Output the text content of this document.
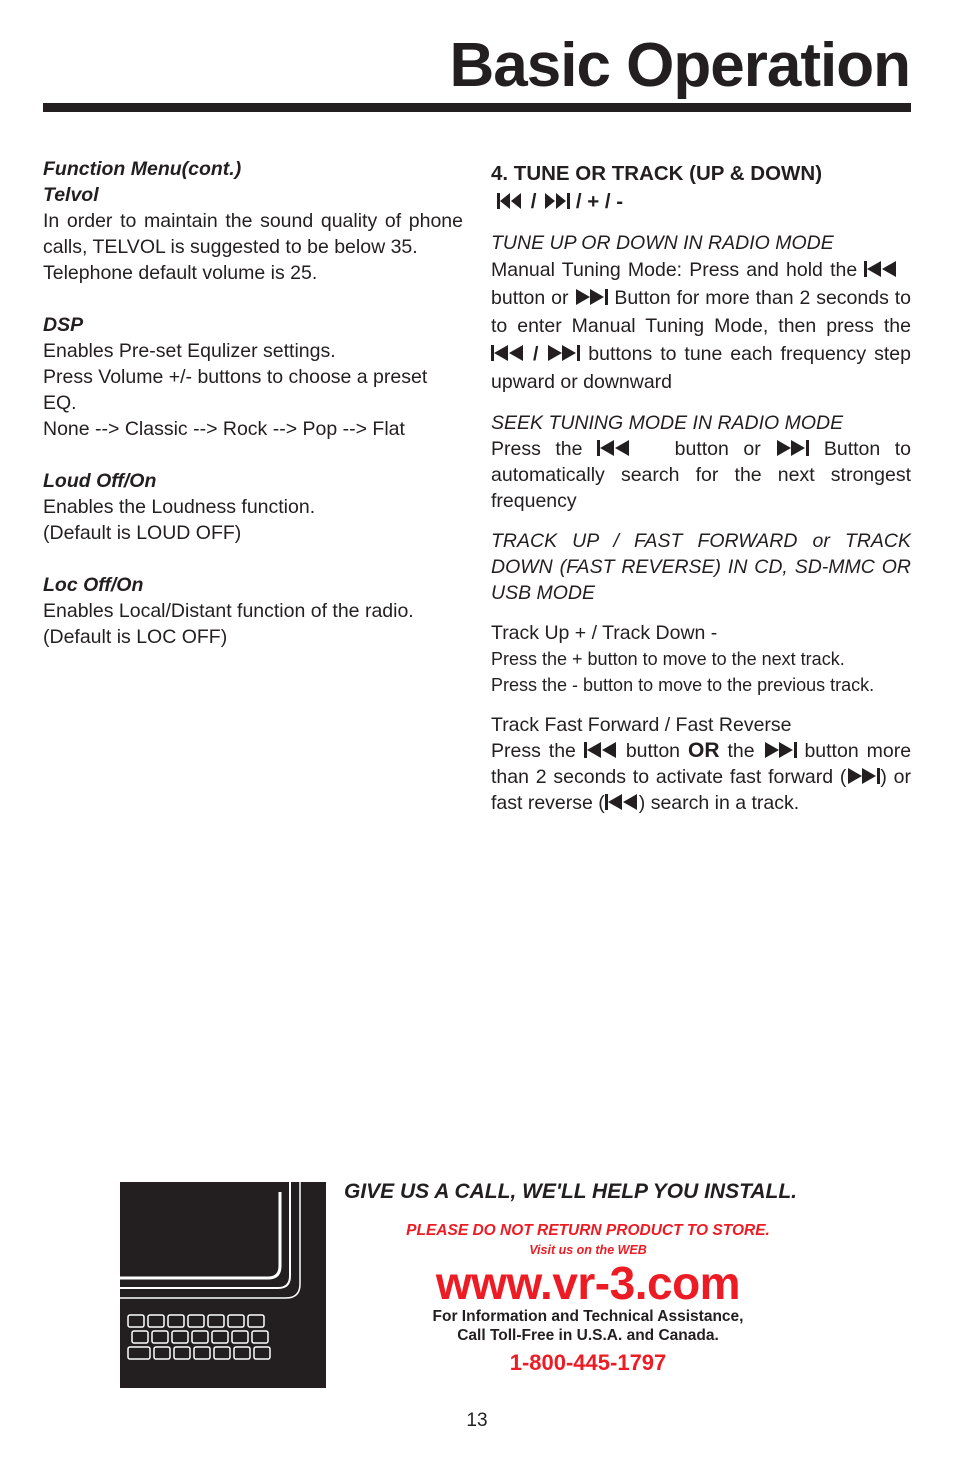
Basic Operation
Function Menu(cont.)
Telvol
In order to maintain the sound quality of phone calls, TELVOL is suggested to be below 35.
Telephone default volume is 25.
DSP
Enables Pre-set Equlizer settings.
Press Volume +/- buttons to choose a preset EQ.
None --> Classic --> Rock --> Pop --> Flat
Loud Off/On
Enables the Loudness function.
(Default is LOUD OFF)
Loc Off/On
Enables Local/Distant function of the radio.
(Default is LOC OFF)
4. TUNE OR TRACK (UP & DOWN)
/ / + / -
TUNE UP OR DOWN IN RADIO MODE
Manual Tuning Mode: Press and hold the    button or Button for more than 2 seconds to to enter Manual Tuning Mode, then press the  /	buttons to tune each frequency step upward or downward
SEEK TUNING MODE IN RADIO MODE
Press the	button or	Button to automatically search for the next strongest frequency
TRACK UP / FAST FORWARD or TRACK DOWN (FAST REVERSE) IN CD, SD-MMC OR USB MODE
Track Up + / Track Down -
Press the + button to move to the next track.
Press the - button to move to the previous track.
Track Fast Forward / Fast Reverse
Press the	button OR the	button more than 2 seconds to activate fast forward ( ) or fast reverse ( ) search in a track.
GIVE US A CALL, WE'LL HELP YOU INSTALL.
PLEASE DO NOT RETURN PRODUCT TO STORE.
Visit us on the WEB
www.vr-3.com
For Information and Technical Assistance,
Call Toll-Free in U.S.A. and Canada.
1-800-445-1797
13
